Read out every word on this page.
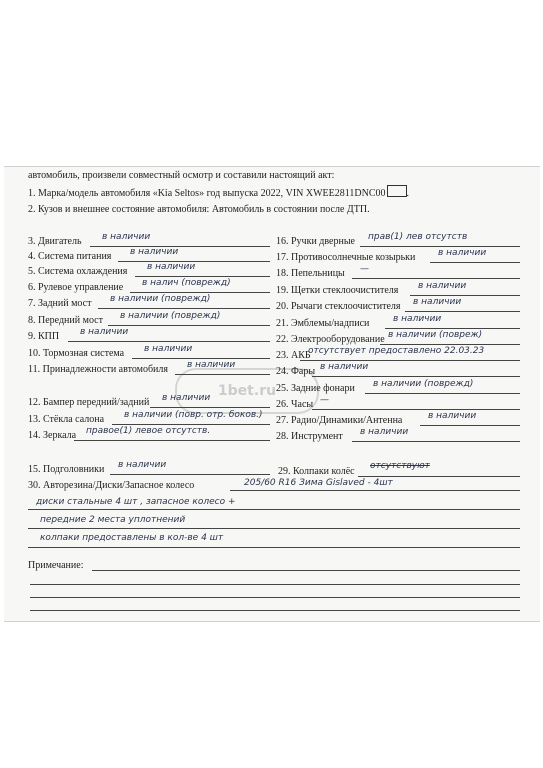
автомобиль, произвели совместный осмотр и составили настоящий акт:
1. Марка/модель автомобиля «Kia Seltos» год выпуска 2022, VIN XWEE2811DNC00 .
2. Кузов и внешнее состояние автомобиля: Автомобиль в состоянии после ДТП.
15. Подголовники в наличии
29. Колпаки колёс отсутствуют
30. Авторезина/Диски/Запасное колесо	205/60 R16 Зима Gislaved - 4шт
диски стальные 4 шт , запасное колесо +
передние 2 места уплотнений
колпаки предоставлены в кол-ве 4 шт
Примечание:
1bet.ru
3. Двигатель в наличии
4. Система питания в наличии
5. Система охлаждения в наличии
6. Рулевое управление в налич (поврежд)
7. Задний мост в наличии (поврежд)
8. Передний мост в наличии (поврежд)
9. КПП в наличии
10. Тормозная система в наличии
11. Принадлежности автомобиля в наличии
12. Бампер передний/задний в наличии
13. Стёкла салона в наличии (повр. отр. боков.)
14. Зеркала правое(1) левое отсутств.
16. Ручки дверные прав(1) лев отсутств
17. Противосолнечные козырьки	в наличии
18. Пепельницы —
19. Щетки стеклоочистителя в наличии
20. Рычаги стеклоочистителя в наличии
21. Эмблемы/надписи	в наличии
22. Электрооборудование в наличии (повреж)
23. АКБ
отсутствует предоставлено 22.03.23
24. Фары в наличии
25. Задние фонари в наличии (поврежд)
26. Часы —
27. Радио/Динамики/Антенна	в наличии
28. Инструмент в наличии
